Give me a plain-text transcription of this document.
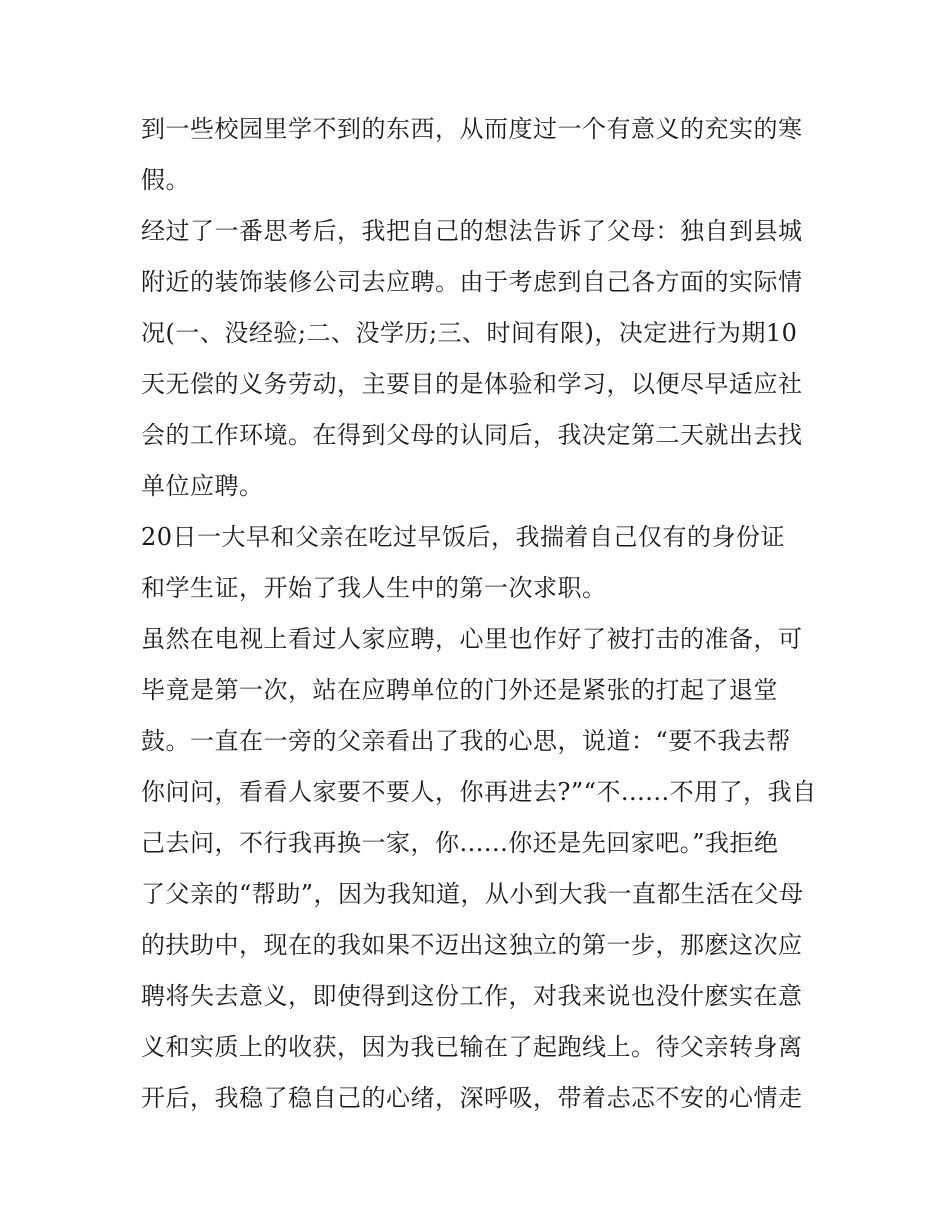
到一些校园里学不到的东西，从而度过一个有意义的充实的寒
假。
经过了一番思考后，我把自己的想法告诉了父母：独自到县城
附近的装饰装修公司去应聘。由于考虑到自己各方面的实际情
况(一、没经验;二、没学历;三、时间有限)，决定进行为期10
天无偿的义务劳动，主要目的是体验和学习，以便尽早适应社
会的工作环境。在得到父母的认同后，我决定第二天就出去找
单位应聘。
20日一大早和父亲在吃过早饭后，我揣着自己仅有的身份证
和学生证，开始了我人生中的第一次求职。
虽然在电视上看过人家应聘，心里也作好了被打击的准备，可
毕竟是第一次，站在应聘单位的门外还是紧张的打起了退堂
鼓。一直在一旁的父亲看出了我的心思，说道：“要不我去帮
你问问，看看人家要不要人，你再进去?”“不......不用了，我自
己去问，不行我再换一家，你......你还是先回家吧。”我拒绝
了父亲的“帮助”，因为我知道，从小到大我一直都生活在父母
的扶助中，现在的我如果不迈出这独立的第一步，那麽这次应
聘将失去意义，即使得到这份工作，对我来说也没什麽实在意
义和实质上的收获，因为我已输在了起跑线上。待父亲转身离
开后，我稳了稳自己的心绪，深呼吸，带着忐忑不安的心情走
